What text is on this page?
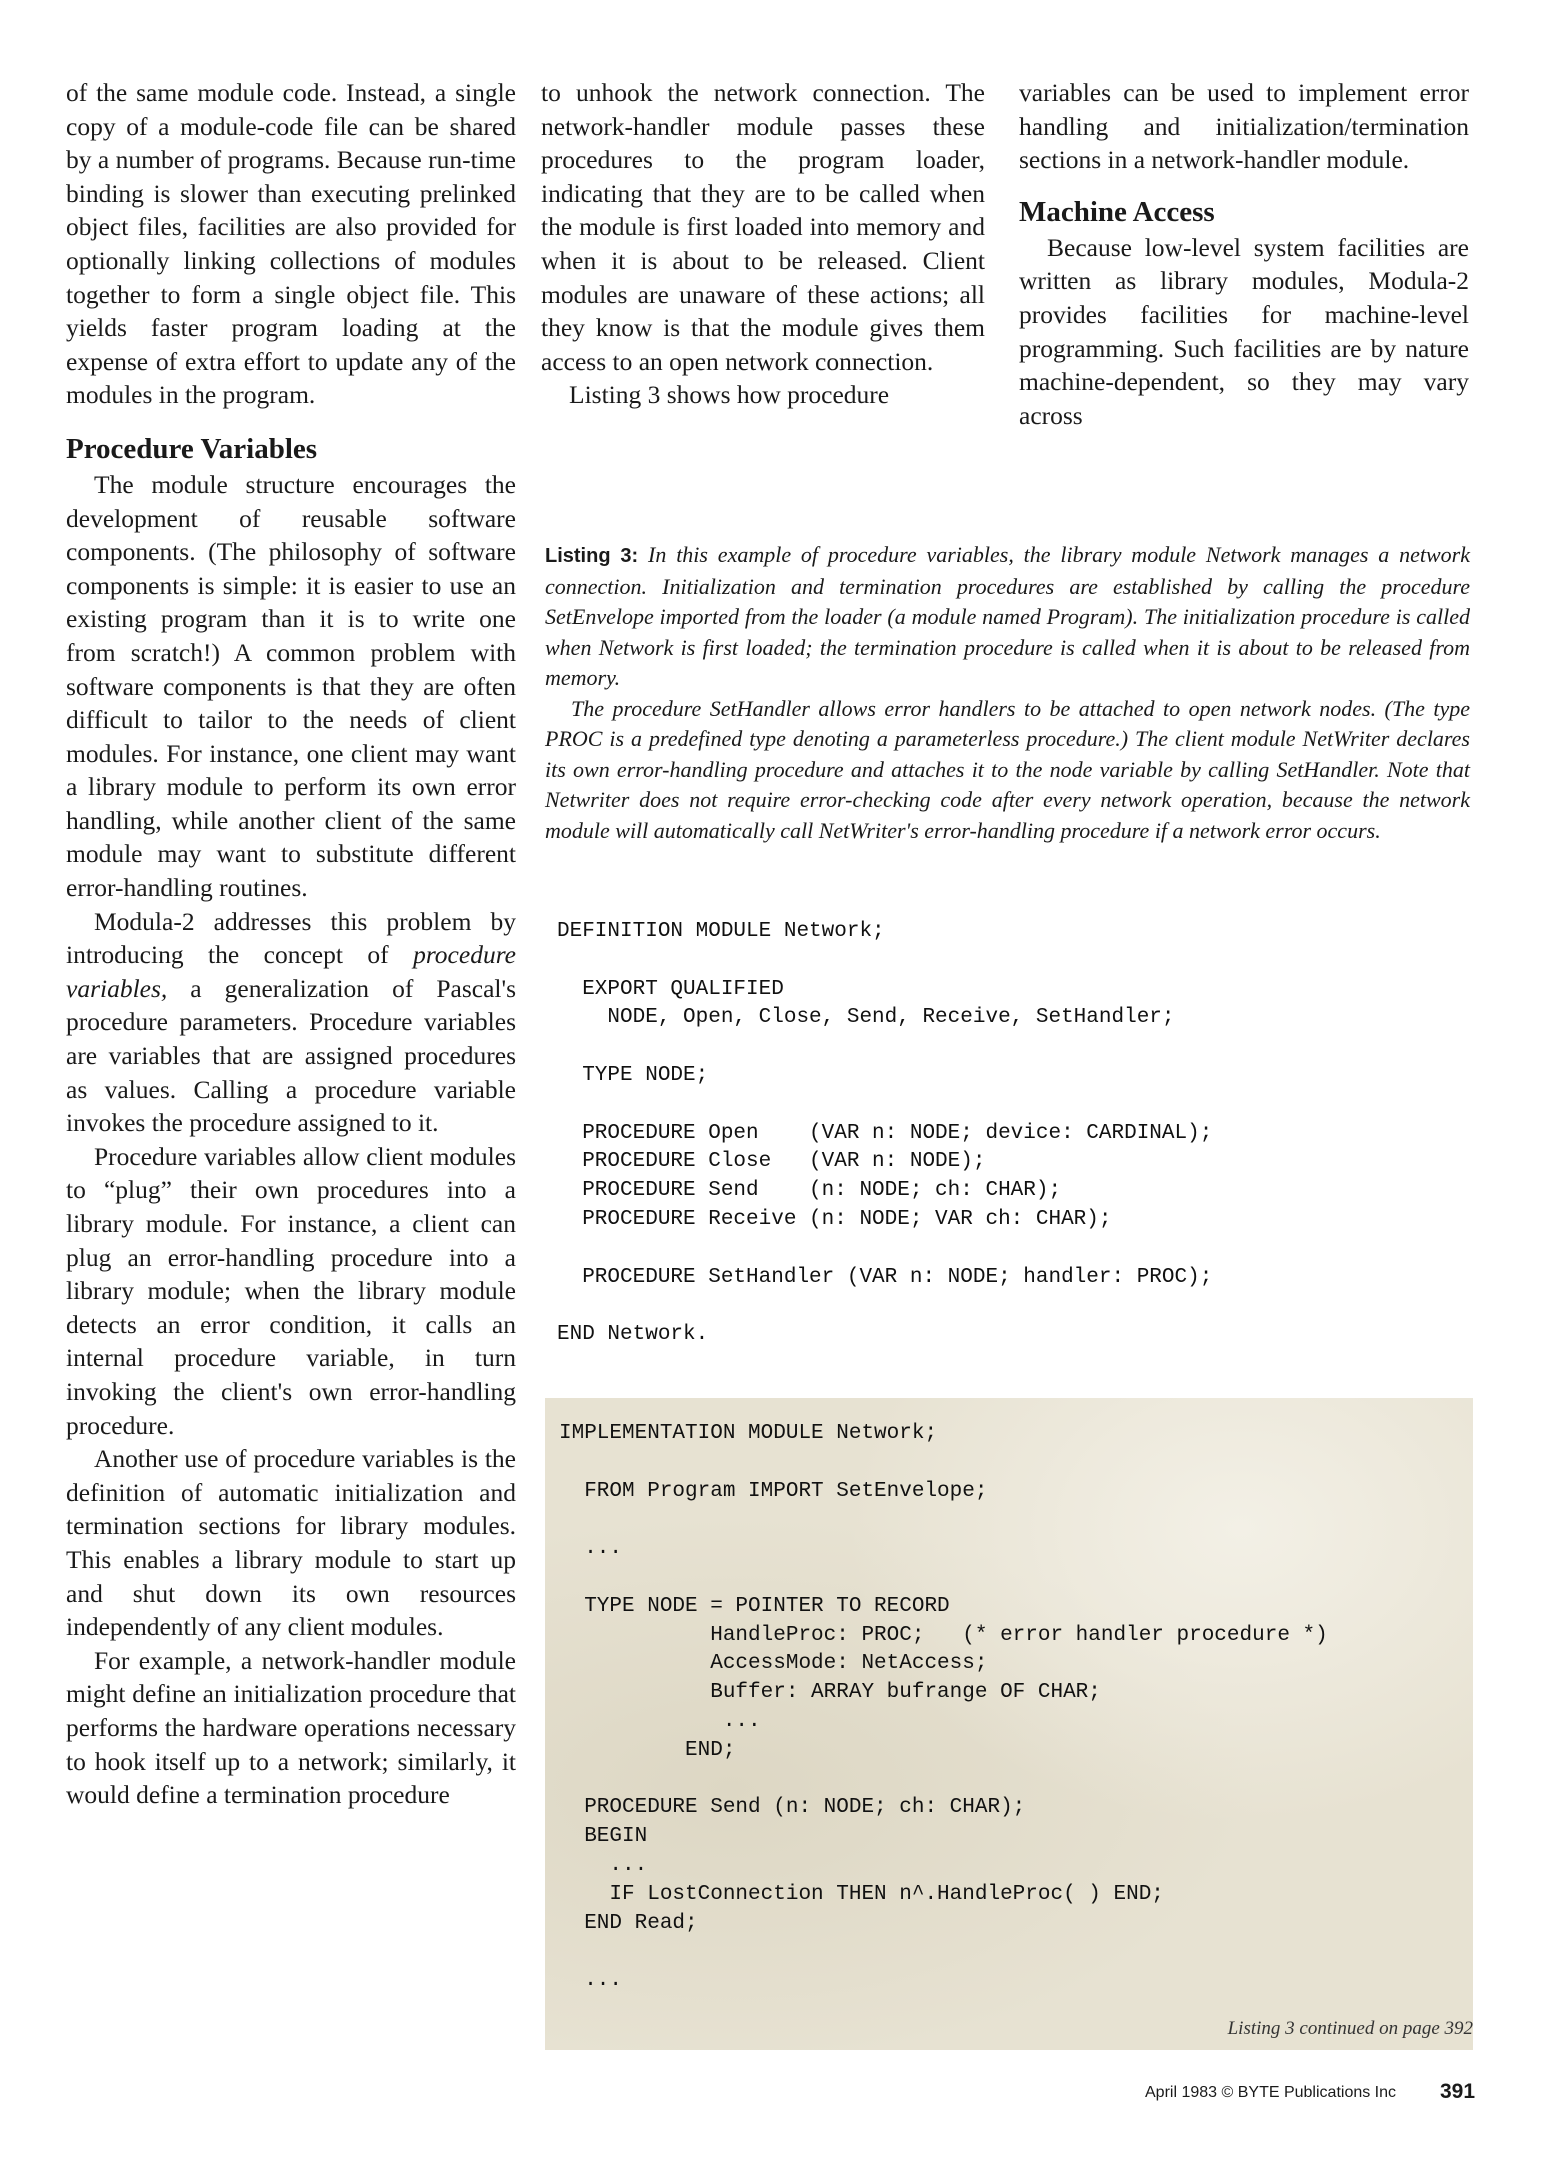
of the same module code. Instead, a single copy of a module-code file can be shared by a number of programs. Because run-time binding is slower than executing prelinked object files, facilities are also provided for optionally linking collections of modules together to form a single object file. This yields faster program loading at the expense of extra effort to update any of the modules in the program.

Procedure Variables

The module structure encourages the development of reusable software components. (The philosophy of software components is simple: it is easier to use an existing program than it is to write one from scratch!) A common problem with software components is that they are often difficult to tailor to the needs of client modules. For instance, one client may want a library module to perform its own error handling, while another client of the same module may want to substitute different error-handling routines.

Modula-2 addresses this problem by introducing the concept of procedure variables, a generalization of Pascal's procedure parameters. Procedure variables are variables that are assigned procedures as values. Calling a procedure variable invokes the procedure assigned to it.

Procedure variables allow client modules to “plug” their own procedures into a library module. For instance, a client can plug an error-handling procedure into a library module; when the library module detects an error condition, it calls an internal procedure variable, in turn invoking the client's own error-handling procedure.

Another use of procedure variables is the definition of automatic initialization and termination sections for library modules. This enables a library module to start up and shut down its own resources independently of any client modules.

For example, a network-handler module might define an initialization procedure that performs the hardware operations necessary to hook itself up to a network; similarly, it would define a termination procedure

to unhook the network connection. The network-handler module passes these procedures to the program loader, indicating that they are to be called when the module is first loaded into memory and when it is about to be released. Client modules are unaware of these actions; all they know is that the module gives them access to an open network connection.

Listing 3 shows how procedure

variables can be used to implement error handling and initialization/termination sections in a network-handler module.

Machine Access

Because low-level system facilities are written as library modules, Modula-2 provides facilities for machine-level programming. Such facilities are by nature machine-dependent, so they may vary across

Listing 3: In this example of procedure variables, the library module Network manages a network connection. Initialization and termination procedures are established by calling the procedure SetEnvelope imported from the loader (a module named Program). The initialization procedure is called when Network is first loaded; the termination procedure is called when it is about to be released from memory.

The procedure SetHandler allows error handlers to be attached to open network nodes. (The type PROC is a predefined type denoting a parameterless procedure.) The client module NetWriter declares its own error-handling procedure and attaches it to the node variable by calling SetHandler. Note that Netwriter does not require error-checking code after every network operation, because the network module will automatically call NetWriter's error-handling procedure if a network error occurs.

DEFINITION MODULE Network;

EXPORT QUALIFIED
NODE, Open, Close, Send, Receive, SetHandler;

TYPE NODE;

PROCEDURE Open    (VAR n: NODE; device: CARDINAL);
PROCEDURE Close   (VAR n: NODE);
PROCEDURE Send    (n: NODE; ch: CHAR);
PROCEDURE Receive (n: NODE; VAR ch: CHAR);

PROCEDURE SetHandler (VAR n: NODE; handler: PROC);

END Network.
IMPLEMENTATION MODULE Network;

FROM Program IMPORT SetEnvelope;

...

TYPE NODE = POINTER TO RECORD
HandleProc: PROC;   (* error handler procedure *)
AccessMode: NetAccess;
Buffer: ARRAY bufrange OF CHAR;
...
END;

PROCEDURE Send (n: NODE; ch: CHAR);
BEGIN
...
IF LostConnection THEN n^.HandleProc( ) END;
END Read;

...
Listing 3 continued on page 392
April 1983 © BYTE Publications Inc 391
